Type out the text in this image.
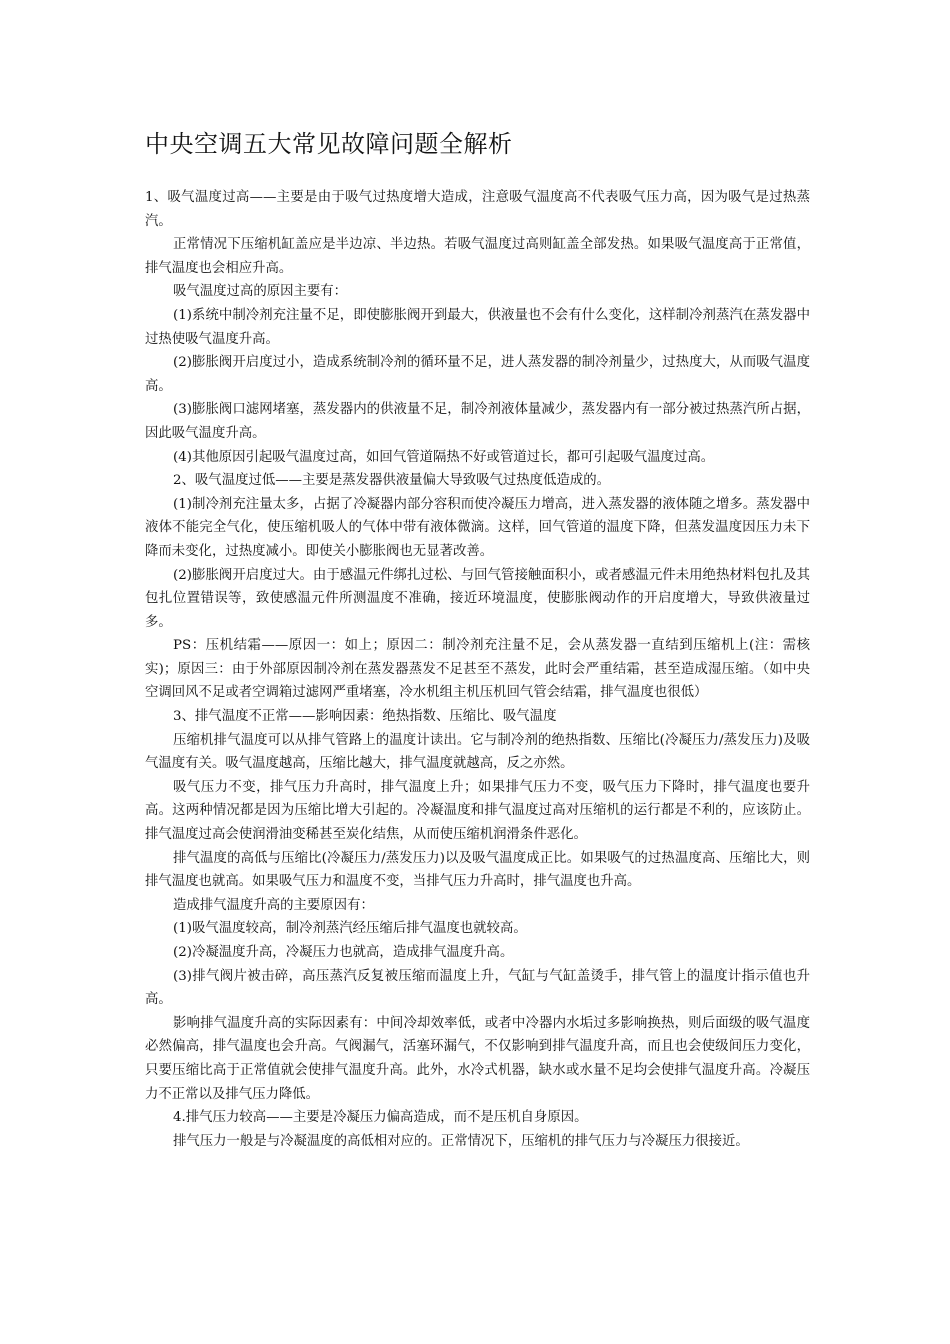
中央空调五大常见故障问题全解析

1、吸气温度过高——主要是由于吸气过热度增大造成，注意吸气温度高不代表吸气压力高，因为吸气是过热蒸汽。

正常情况下压缩机缸盖应是半边凉、半边热。若吸气温度过高则缸盖全部发热。如果吸气温度高于正常值，排气温度也会相应升高。

吸气温度过高的原因主要有：

(1)系统中制冷剂充注量不足，即使膨胀阀开到最大，供液量也不会有什么变化，这样制冷剂蒸汽在蒸发器中过热使吸气温度升高。

(2)膨胀阀开启度过小，造成系统制冷剂的循环量不足，进人蒸发器的制冷剂量少，过热度大，从而吸气温度高。

(3)膨胀阀口滤网堵塞，蒸发器内的供液量不足，制冷剂液体量减少，蒸发器内有一部分被过热蒸汽所占据，因此吸气温度升高。

(4)其他原因引起吸气温度过高，如回气管道隔热不好或管道过长，都可引起吸气温度过高。

2、吸气温度过低——主要是蒸发器供液量偏大导致吸气过热度低造成的。

(1)制冷剂充注量太多，占据了冷凝器内部分容积而使冷凝压力增高，进入蒸发器的液体随之增多。蒸发器中液体不能完全气化，使压缩机吸人的气体中带有液体微滴。这样，回气管道的温度下降，但蒸发温度因压力未下降而未变化，过热度减小。即使关小膨胀阀也无显著改善。

(2)膨胀阀开启度过大。由于感温元件绑扎过松、与回气管接触面积小，或者感温元件未用绝热材料包扎及其包扎位置错误等，致使感温元件所测温度不准确，接近环境温度，使膨胀阀动作的开启度增大，导致供液量过多。

PS：压机结霜——原因一：如上；原因二：制冷剂充注量不足，会从蒸发器一直结到压缩机上(注：需核实)；原因三：由于外部原因制冷剂在蒸发器蒸发不足甚至不蒸发，此时会严重结霜，甚至造成湿压缩。（如中央空调回风不足或者空调箱过滤网严重堵塞，冷水机组主机压机回气管会结霜，排气温度也很低）

3、排气温度不正常——影响因素：绝热指数、压缩比、吸气温度

压缩机排气温度可以从排气管路上的温度计读出。它与制冷剂的绝热指数、压缩比(冷凝压力/蒸发压力)及吸气温度有关。吸气温度越高，压缩比越大，排气温度就越高，反之亦然。

吸气压力不变，排气压力升高时，排气温度上升；如果排气压力不变，吸气压力下降时，排气温度也要升高。这两种情况都是因为压缩比增大引起的。冷凝温度和排气温度过高对压缩机的运行都是不利的，应该防止。排气温度过高会使润滑油变稀甚至炭化结焦，从而使压缩机润滑条件恶化。

排气温度的高低与压缩比(冷凝压力/蒸发压力)以及吸气温度成正比。如果吸气的过热温度高、压缩比大，则排气温度也就高。如果吸气压力和温度不变，当排气压力升高时，排气温度也升高。

造成排气温度升高的主要原因有：

(1)吸气温度较高，制冷剂蒸汽经压缩后排气温度也就较高。

(2)冷凝温度升高，冷凝压力也就高，造成排气温度升高。

(3)排气阀片被击碎，高压蒸汽反复被压缩而温度上升，气缸与气缸盖烫手，排气管上的温度计指示值也升高。

影响排气温度升高的实际因素有：中间冷却效率低，或者中冷器内水垢过多影响换热，则后面级的吸气温度必然偏高，排气温度也会升高。气阀漏气，活塞环漏气，不仅影响到排气温度升高，而且也会使级间压力变化，只要压缩比高于正常值就会使排气温度升高。此外，水冷式机器，缺水或水量不足均会使排气温度升高。冷凝压力不正常以及排气压力降低。

4.排气压力较高——主要是冷凝压力偏高造成，而不是压机自身原因。

排气压力一般是与冷凝温度的高低相对应的。正常情况下，压缩机的排气压力与冷凝压力很接近。
